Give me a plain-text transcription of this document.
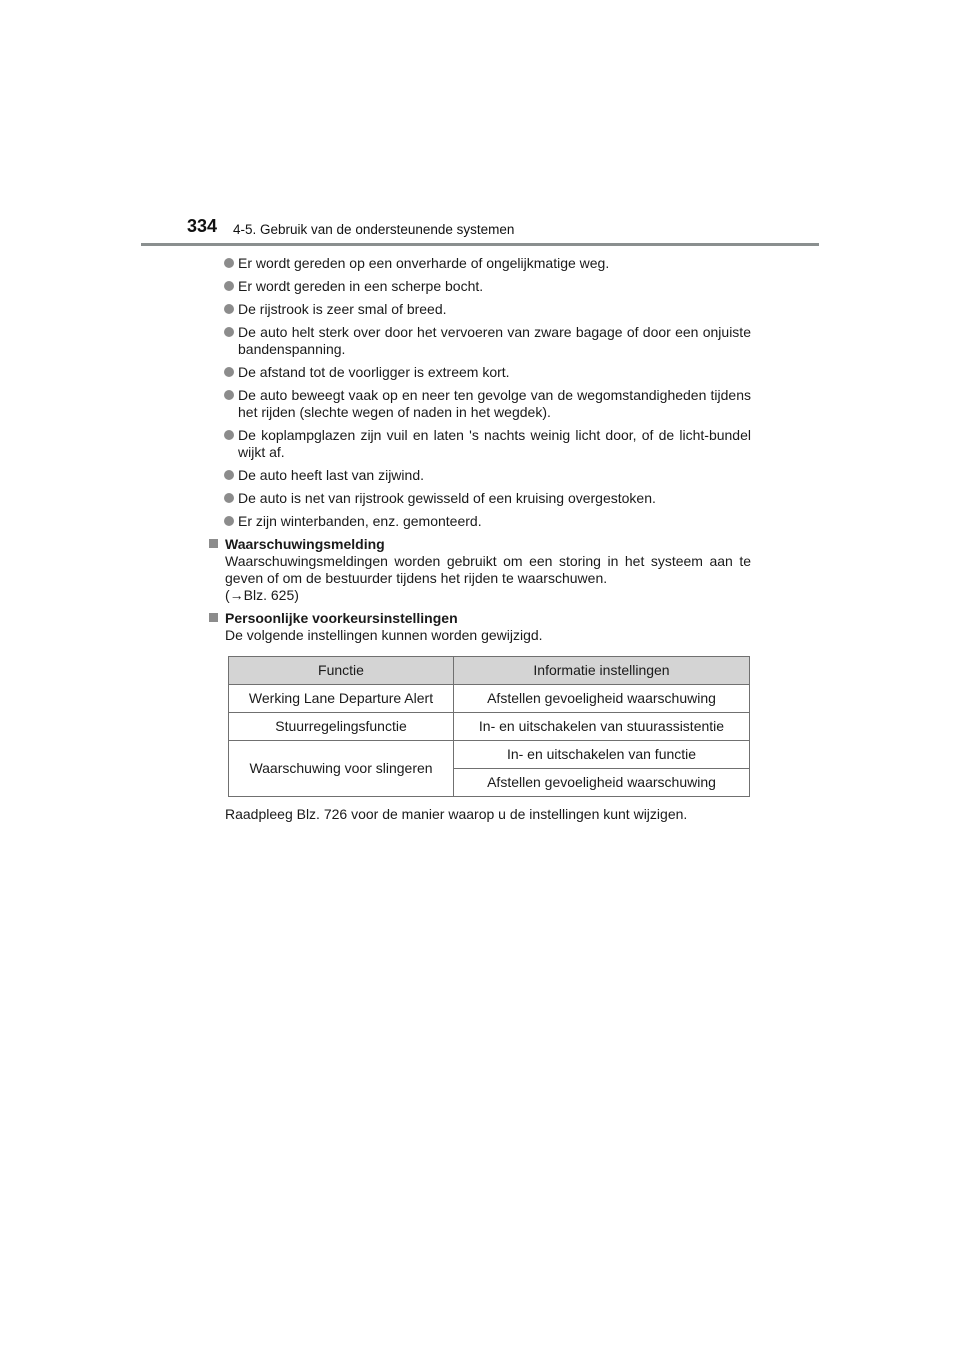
334 4-5. Gebruik van de ondersteunende systemen
Er wordt gereden op een onverharde of ongelijkmatige weg.
Er wordt gereden in een scherpe bocht.
De rijstrook is zeer smal of breed.
De auto helt sterk over door het vervoeren van zware bagage of door een onjuiste bandenspanning.
De afstand tot de voorligger is extreem kort.
De auto beweegt vaak op en neer ten gevolge van de wegomstandigheden tijdens het rijden (slechte wegen of naden in het wegdek).
De koplampglazen zijn vuil en laten 's nachts weinig licht door, of de licht-bundel wijkt af.
De auto heeft last van zijwind.
De auto is net van rijstrook gewisseld of een kruising overgestoken.
Er zijn winterbanden, enz. gemonteerd.
Waarschuwingsmelding
Waarschuwingsmeldingen worden gebruikt om een storing in het systeem aan te geven of om de bestuurder tijdens het rijden te waarschuwen.
(→Blz. 625)
Persoonlijke voorkeursinstellingen
De volgende instellingen kunnen worden gewijzigd.
Functie	Informatie instellingen
Werking Lane Departure Alert	Afstellen gevoeligheid waarschuwing
Stuurregelingsfunctie	In- en uitschakelen van stuurassistentie
Waarschuwing voor slingeren	In- en uitschakelen van functie
	Afstellen gevoeligheid waarschuwing
Raadpleeg Blz. 726 voor de manier waarop u de instellingen kunt wijzigen.
